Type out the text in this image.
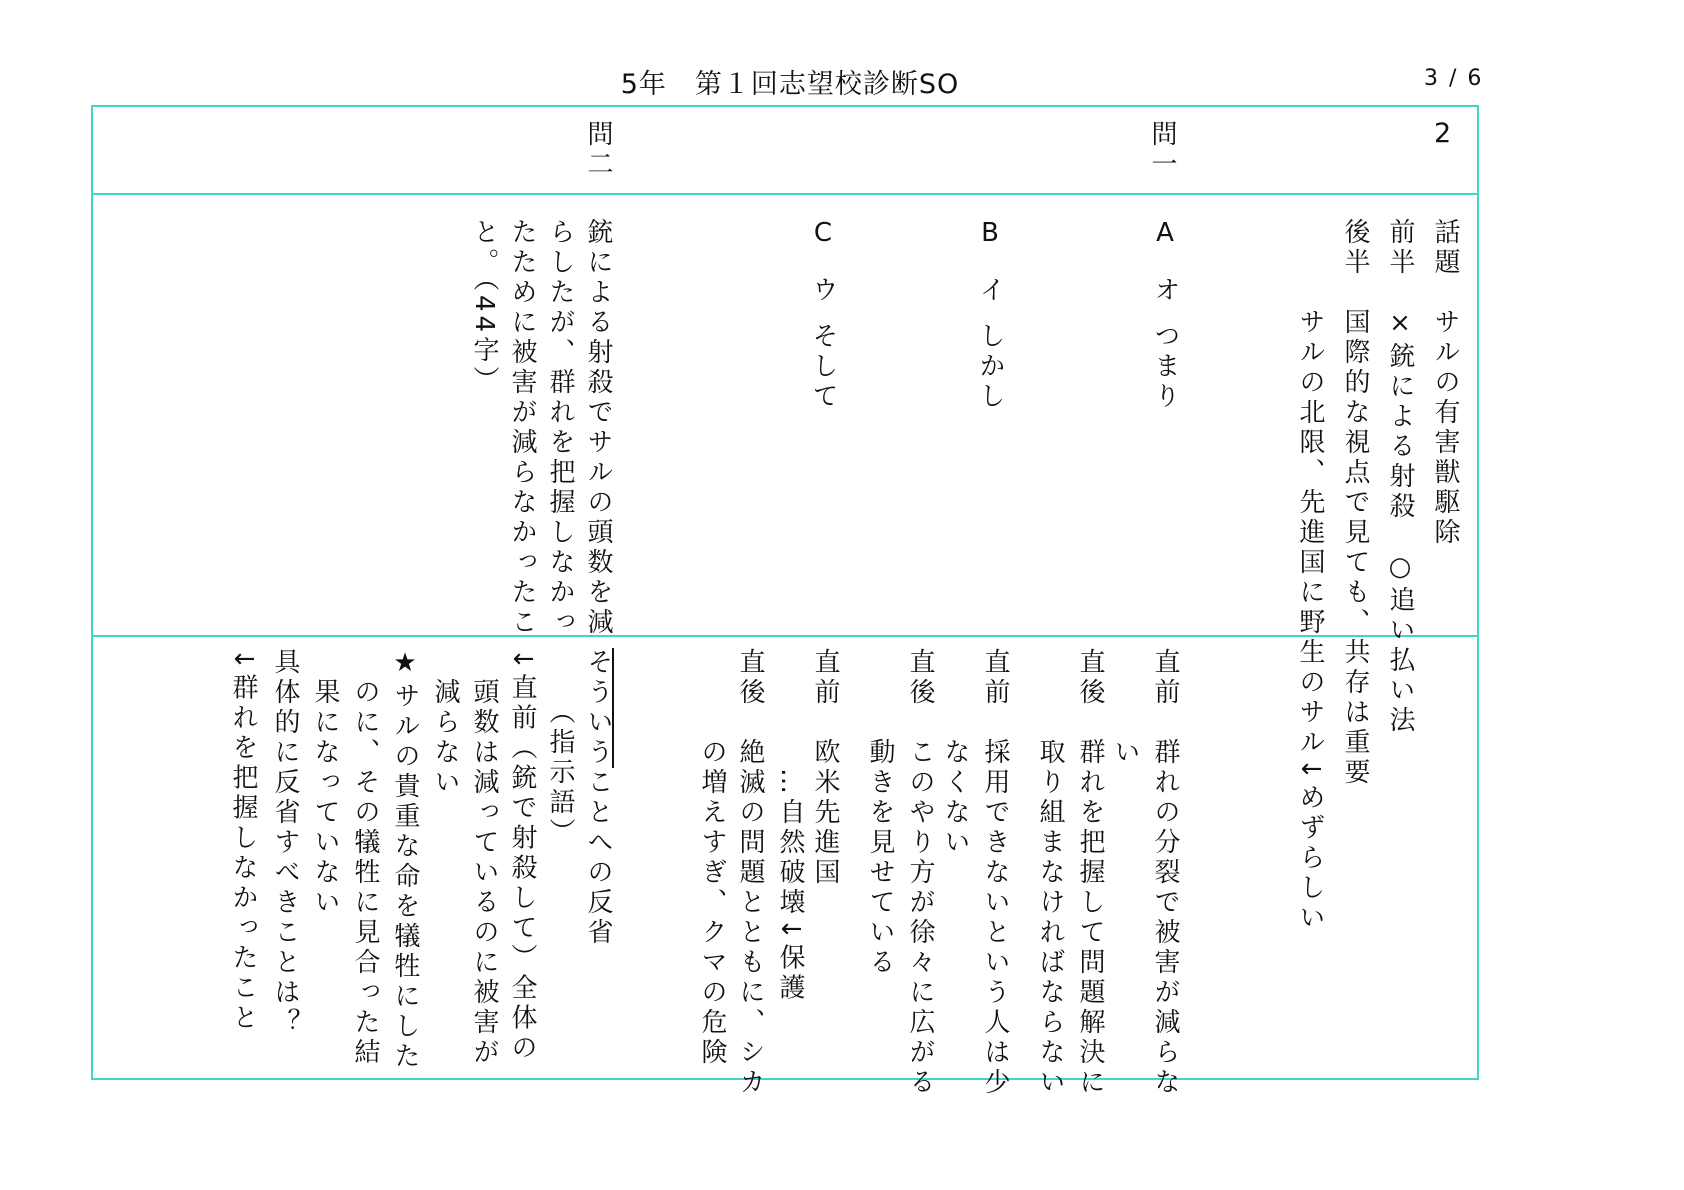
5年　第１回志望校診断SO	3 / 6
2
問一
問二
話題　サルの有害獣駆除
前半　×銃による射殺　○追い払い法
後半　国際的な視点で見ても、共存は重要
サルの北限、先進国に野生のサル↓めずらしい
A
オ
つまり
B
イ
しかし
C
ウ
そして
銃による射殺でサルの頭数を減
らしたが、群れを把握しなかっ
たために被害が減らなかったこ
と。（44字）
直前　群れの分裂で被害が減らな
い
直後　群れを把握して問題解決に
取り組まなければならない
直前　採用できないという人は少
なくない
直後　このやり方が徐々に広がる
動きを見せている
直前　欧米先進国
…自然破壊↓保護
直後　絶滅の問題とともに、シカ
の増えすぎ、クマの危険
そういうことへの反省
（指示語）
↓直前（銃で射殺して）全体の
頭数は減っているのに被害が
減らない
★サルの貴重な命を犠牲にした
のに、その犠牲に見合った結
果になっていない
具体的に反省すべきことは？
↓群れを把握しなかったこと
